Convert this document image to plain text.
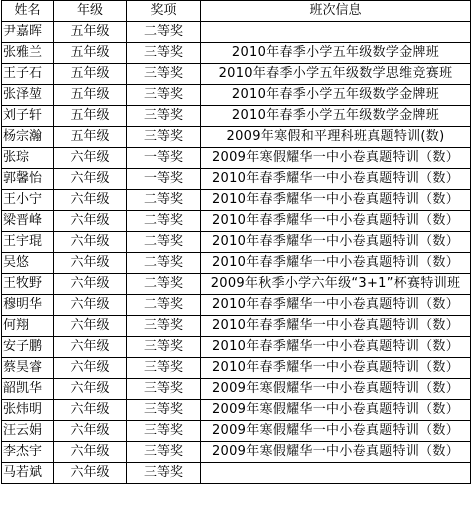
姓名	年级	奖项	班次信息
尹嘉晖	五年级	二等奖	
张雅兰	五年级	三等奖	2010年春季小学五年级数学金牌班
王子石	五年级	三等奖	2010年春季小学五年级数学思维竞赛班
张泽堃	五年级	三等奖	2010年春季小学五年级数学金牌班
刘子轩	五年级	三等奖	2010年春季小学五年级数学金牌班
杨宗瀚	五年级	三等奖	2009年寒假和平理科班真题特训(数)
张琮	六年级	一等奖	2009年寒假耀华一中小卷真题特训（数）
郭馨怡	六年级	一等奖	2010年春季耀华一中小卷真题特训（数）
王小宁	六年级	二等奖	2010年春季耀华一中小卷真题特训（数）
梁晋峰	六年级	二等奖	2010年春季耀华一中小卷真题特训（数）
王宇琨	六年级	二等奖	2010年春季耀华一中小卷真题特训（数）
吴悠	六年级	二等奖	2010年春季耀华一中小卷真题特训（数）
王牧野	六年级	二等奖	2009年秋季小学六年级“3+1”杯赛特训班
穆明华	六年级	二等奖	2010年春季耀华一中小卷真题特训（数）
何翔	六年级	三等奖	2010年春季耀华一中小卷真题特训（数）
安子鹏	六年级	三等奖	2010年春季耀华一中小卷真题特训（数）
蔡昊睿	六年级	三等奖	2010年春季耀华一中小卷真题特训（数）
韶凯华	六年级	三等奖	2009年寒假耀华一中小卷真题特训（数）
张炜明	六年级	三等奖	2009年寒假耀华一中小卷真题特训（数）
汪云娟	六年级	三等奖	2009年寒假耀华一中小卷真题特训（数）
李杰宇	六年级	三等奖	2009年寒假耀华一中小卷真题特训（数）
马若斌	六年级	三等奖	
